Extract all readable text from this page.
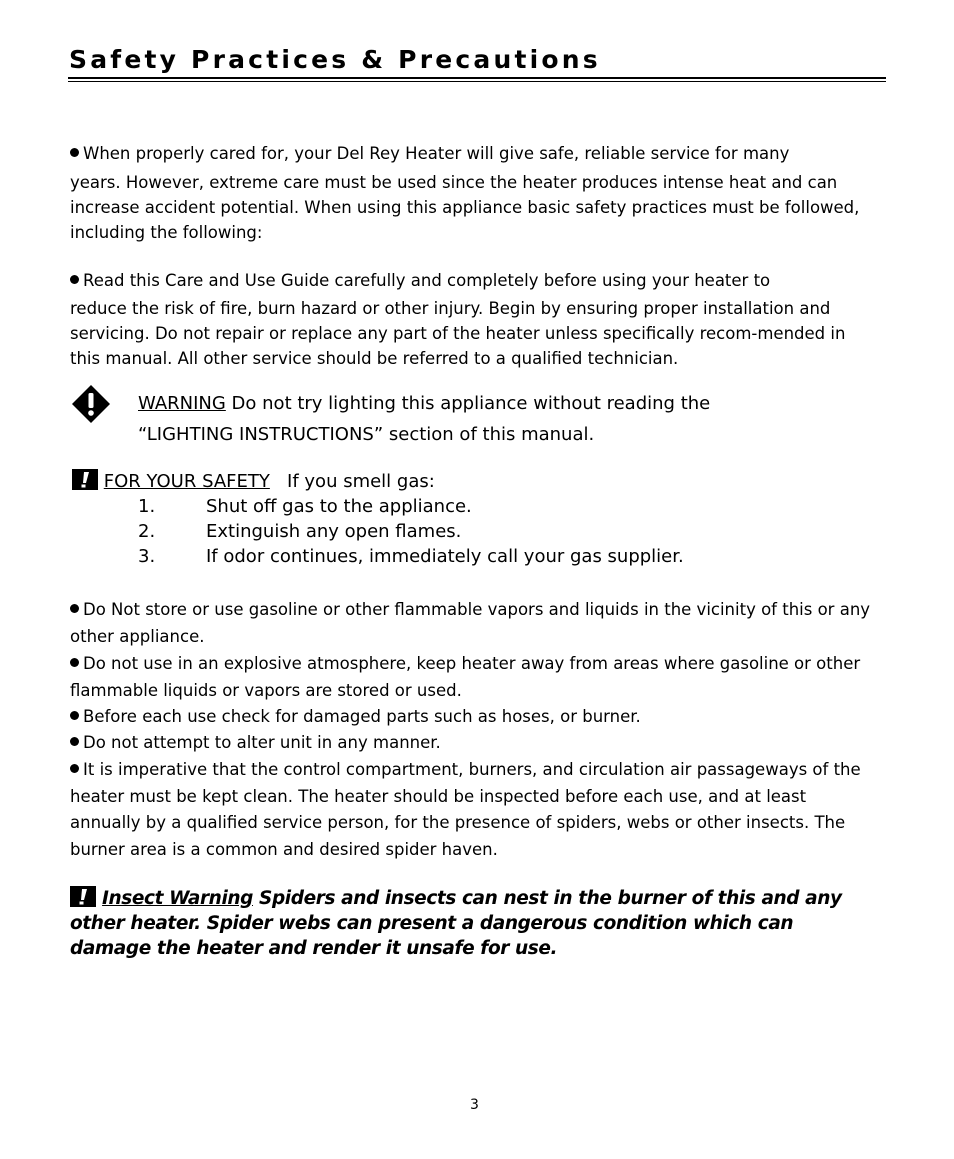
Safety Practices & Precautions

When properly cared for, your Del Rey Heater will give safe, reliable service for many

years. However, extreme care must be used since the heater produces intense heat and can increase accident potential. When using this appliance basic safety practices must be followed, including the following:

Read this Care and Use Guide carefully and completely before using your heater to

reduce the risk of fire, burn hazard or other injury. Begin by ensuring proper installation and servicing. Do not repair or replace any part of the heater unless specifically recom-mended in this manual. All other service should be referred to a qualified technician.

WARNING Do not try lighting this appliance without reading the
“LIGHTING INSTRUCTIONS” section of this manual.
FOR YOUR SAFETY If you smell gas:
1.	Shut off gas to the appliance.
2.	Extinguish any open flames.
3.	If odor continues, immediately call your gas supplier.

Do Not store or use gasoline or other flammable vapors and liquids in the vicinity of this or any other appliance.

Do not use in an explosive atmosphere, keep heater away from areas where gasoline or other flammable liquids or vapors are stored or used.

Before each use check for damaged parts such as hoses, or burner.

Do not attempt to alter unit in any manner.

It is imperative that the control compartment, burners, and circulation air passageways of the heater must be kept clean. The heater should be inspected before each use, and at least annually by a qualified service person, for the presence of spiders, webs or other insects. The burner area is a common and desired spider haven.

Insect Warning Spiders and insects can nest in the burner of this and any other heater. Spider webs can present a dangerous condition which can damage the heater and render it unsafe for use.
3
